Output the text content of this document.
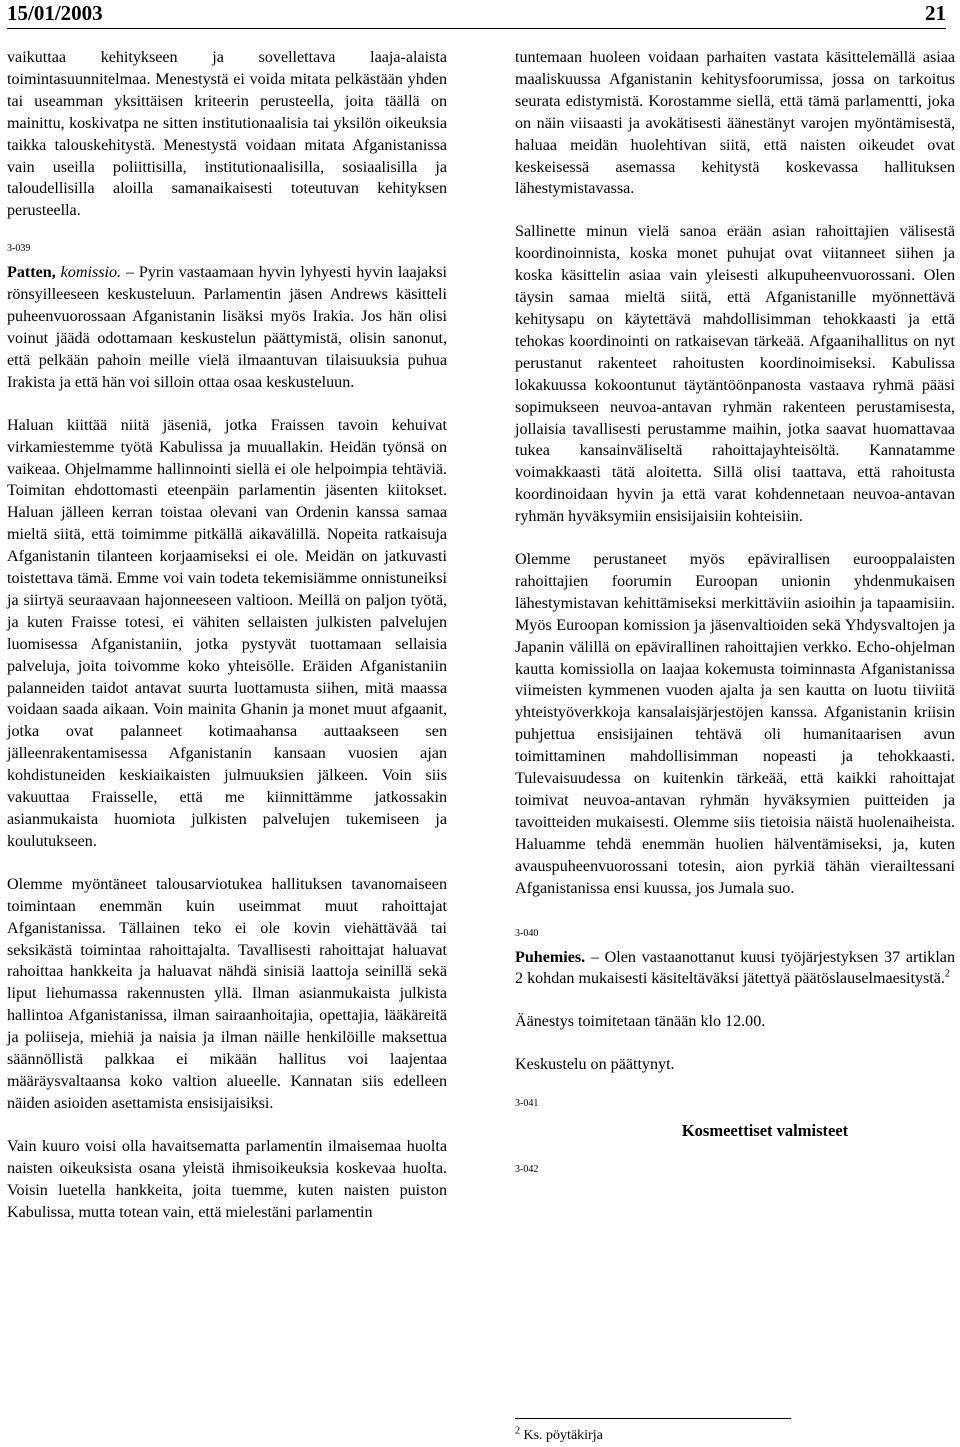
15/01/2003	21

vaikuttaa kehitykseen ja sovellettava laaja-alaista toimintasuunnitelmaa. Menestystä ei voida mitata pelkästään yhden tai useamman yksittäisen kriteerin perusteella, joita täällä on mainittu, koskivatpa ne sitten institutionaalisia tai yksilön oikeuksia taikka talouskehitystä. Menestystä voidaan mitata Afganistanissa vain useilla poliittisilla, institutionaalisilla, sosiaalisilla ja taloudellisilla aloilla samanaikaisesti toteutuvan kehityksen perusteella.

3-039

Patten, komissio. – Pyrin vastaamaan hyvin lyhyesti hyvin laajaksi rönsyilleeseen keskusteluun. Parlamentin jäsen Andrews käsitteli puheenvuorossaan Afganistanin lisäksi myös Irakia. Jos hän olisi voinut jäädä odottamaan keskustelun päättymistä, olisin sanonut, että pelkään pahoin meille vielä ilmaantuvan tilaisuuksia puhua Irakista ja että hän voi silloin ottaa osaa keskusteluun.

Haluan kiittää niitä jäseniä, jotka Fraissen tavoin kehuivat virkamiestemme työtä Kabulissa ja muuallakin. Heidän työnsä on vaikeaa. Ohjelmamme hallinnointi siellä ei ole helpoimpia tehtäviä. Toimitan ehdottomasti eteenpäin parlamentin jäsenten kiitokset. Haluan jälleen kerran toistaa olevani van Ordenin kanssa samaa mieltä siitä, että toimimme pitkällä aikavälillä. Nopeita ratkaisuja Afganistanin tilanteen korjaamiseksi ei ole. Meidän on jatkuvasti toistettava tämä. Emme voi vain todeta tekemisiämme onnistuneiksi ja siirtyä seuraavaan hajonneeseen valtioon. Meillä on paljon työtä, ja kuten Fraisse totesi, ei vähiten sellaisten julkisten palvelujen luomisessa Afganistaniin, jotka pystyvät tuottamaan sellaisia palveluja, joita toivomme koko yhteisölle. Eräiden Afganistaniin palanneiden taidot antavat suurta luottamusta siihen, mitä maassa voidaan saada aikaan. Voin mainita Ghanin ja monet muut afgaanit, jotka ovat palanneet kotimaahansa auttaakseen sen jälleenrakentamisessa Afganistanin kansaan vuosien ajan kohdistuneiden keskiaikaisten julmuuksien jälkeen. Voin siis vakuuttaa Fraisselle, että me kiinnittämme jatkossakin asianmukaista huomiota julkisten palvelujen tukemiseen ja koulutukseen.

Olemme myöntäneet talousarviotukea hallituksen tavanomaiseen toimintaan enemmän kuin useimmat muut rahoittajat Afganistanissa. Tällainen teko ei ole kovin viehättävää tai seksikästä toimintaa rahoittajalta. Tavallisesti rahoittajat haluavat rahoittaa hankkeita ja haluavat nähdä sinisiä laattoja seinillä sekä liput liehumassa rakennusten yllä. Ilman asianmukaista julkista hallintoa Afganistanissa, ilman sairaanhoitajia, opettajia, lääkäreitä ja poliiseja, miehiä ja naisia ja ilman näille henkilöille maksettua säännöllistä palkkaa ei mikään hallitus voi laajentaa määräysvaltaansa koko valtion alueelle. Kannatan siis edelleen näiden asioiden asettamista ensisijaisiksi.

Vain kuuro voisi olla havaitsematta parlamentin ilmaisemaa huolta naisten oikeuksista osana yleistä ihmisoikeuksia koskevaa huolta. Voisin luetella hankkeita, joita tuemme, kuten naisten puiston Kabulissa, mutta totean vain, että mielestäni parlamentin

tuntemaan huoleen voidaan parhaiten vastata käsittelemällä asiaa maaliskuussa Afganistanin kehitysfoorumissa, jossa on tarkoitus seurata edistymistä. Korostamme siellä, että tämä parlamentti, joka on näin viisaasti ja avokätisesti äänestänyt varojen myöntämisestä, haluaa meidän huolehtivan siitä, että naisten oikeudet ovat keskeisessä asemassa kehitystä koskevassa hallituksen lähestymistavassa.

Sallinette minun vielä sanoa erään asian rahoittajien välisestä koordinoinnista, koska monet puhujat ovat viitanneet siihen ja koska käsittelin asiaa vain yleisesti alkupuheenvuorossani. Olen täysin samaa mieltä siitä, että Afganistanille myönnettävä kehitysapu on käytettävä mahdollisimman tehokkaasti ja että tehokas koordinointi on ratkaisevan tärkeää. Afgaanihallitus on nyt perustanut rakenteet rahoitusten koordinoimiseksi. Kabulissa lokakuussa kokoontunut täytäntöönpanosta vastaava ryhmä pääsi sopimukseen neuvoa-antavan ryhmän rakenteen perustamisesta, jollaisia tavallisesti perustamme maihin, jotka saavat huomattavaa tukea kansainväliseltä rahoittajayhteisöltä. Kannatamme voimakkaasti tätä aloitetta. Sillä olisi taattava, että rahoitusta koordinoidaan hyvin ja että varat kohdennetaan neuvoa-antavan ryhmän hyväksymiin ensisijaisiin kohteisiin.

Olemme perustaneet myös epävirallisen eurooppalaisten rahoittajien foorumin Euroopan unionin yhdenmukaisen lähestymistavan kehittämiseksi merkittäviin asioihin ja tapaamisiin. Myös Euroopan komission ja jäsenvaltioiden sekä Yhdysvaltojen ja Japanin välillä on epävirallinen rahoittajien verkko. Echo-ohjelman kautta komissiolla on laajaa kokemusta toiminnasta Afganistanissa viimeisten kymmenen vuoden ajalta ja sen kautta on luotu tiiviitä yhteistyöverkkoja kansalaisjärjestöjen kanssa. Afganistanin kriisin puhjettua ensisijainen tehtävä oli humanitaarisen avun toimittaminen mahdollisimman nopeasti ja tehokkaasti. Tulevaisuudessa on kuitenkin tärkeää, että kaikki rahoittajat toimivat neuvoa-antavan ryhmän hyväksymien puitteiden ja tavoitteiden mukaisesti. Olemme siis tietoisia näistä huolenaiheista. Haluamme tehdä enemmän huolien hälventämiseksi, ja, kuten avauspuheenvuorossani totesin, aion pyrkiä tähän vierailtessani Afganistanissa ensi kuussa, jos Jumala suo.

3-040

Puhemies. – Olen vastaanottanut kuusi työjärjestyksen 37 artiklan 2 kohdan mukaisesti käsiteltäväksi jätettyä päätöslauselmaesitystä.$^2$

Äänestys toimitetaan tänään klo 12.00.

Keskustelu on päättynyt.

3-041
Kosmeettiset valmisteet
3-042
$^2$ Ks. pöytäkirja
